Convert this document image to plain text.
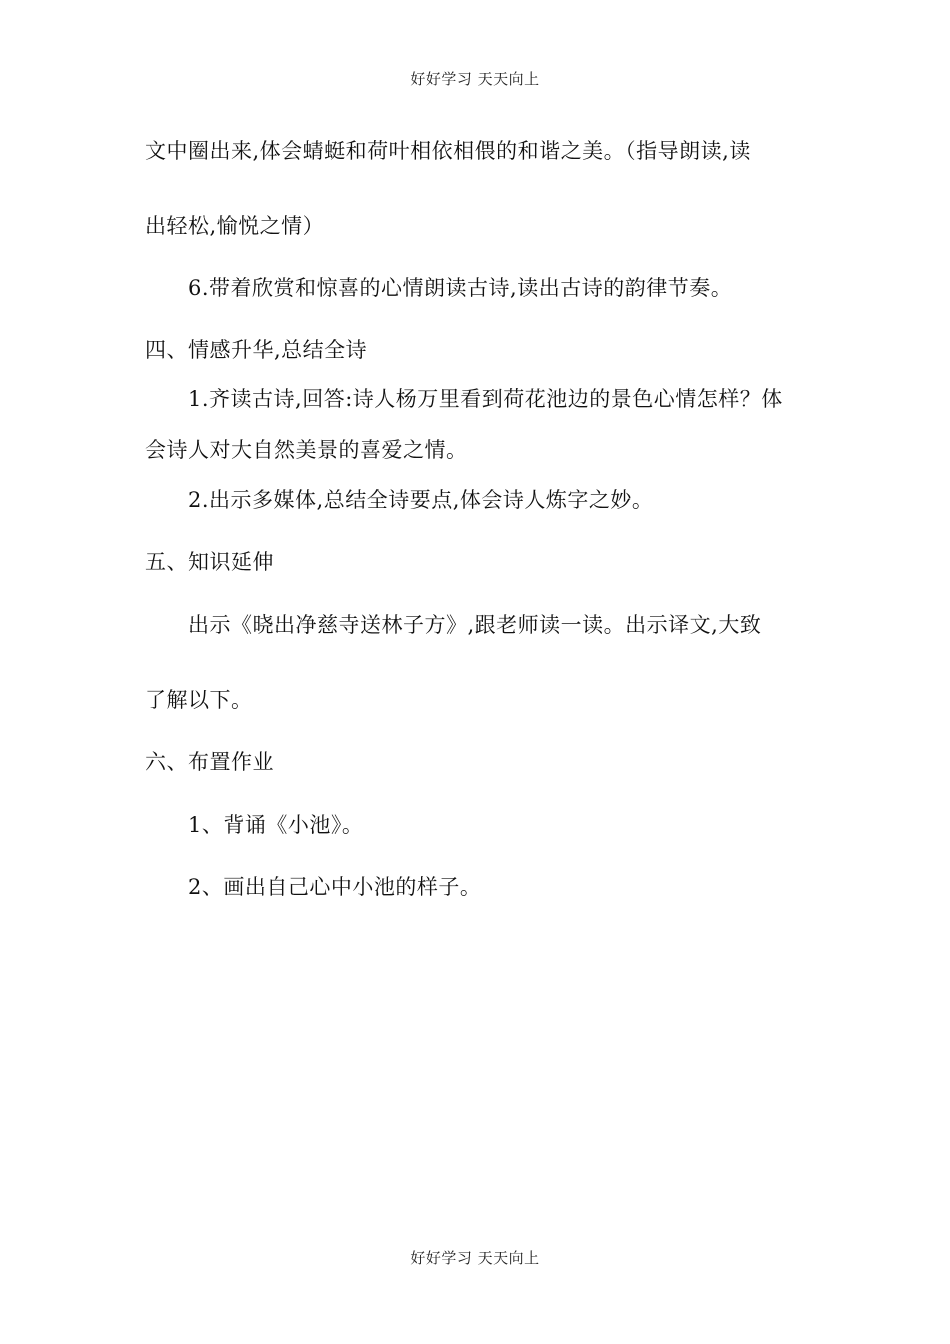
好好学习 天天向上
文中圈出来,体会蜻蜓和荷叶相依相偎的和谐之美。（指导朗读,读
出轻松,愉悦之情）
6.带着欣赏和惊喜的心情朗读古诗,读出古诗的韵律节奏。
四、情感升华,总结全诗
1.齐读古诗,回答:诗人杨万里看到荷花池边的景色心情怎样？体
会诗人对大自然美景的喜爱之情。
2.出示多媒体,总结全诗要点,体会诗人炼字之妙。
五、知识延伸
出示《晓出净慈寺送林子方》,跟老师读一读。出示译文,大致
了解以下。
六、布置作业
1、背诵《小池》。
2、画出自己心中小池的样子。
好好学习 天天向上
